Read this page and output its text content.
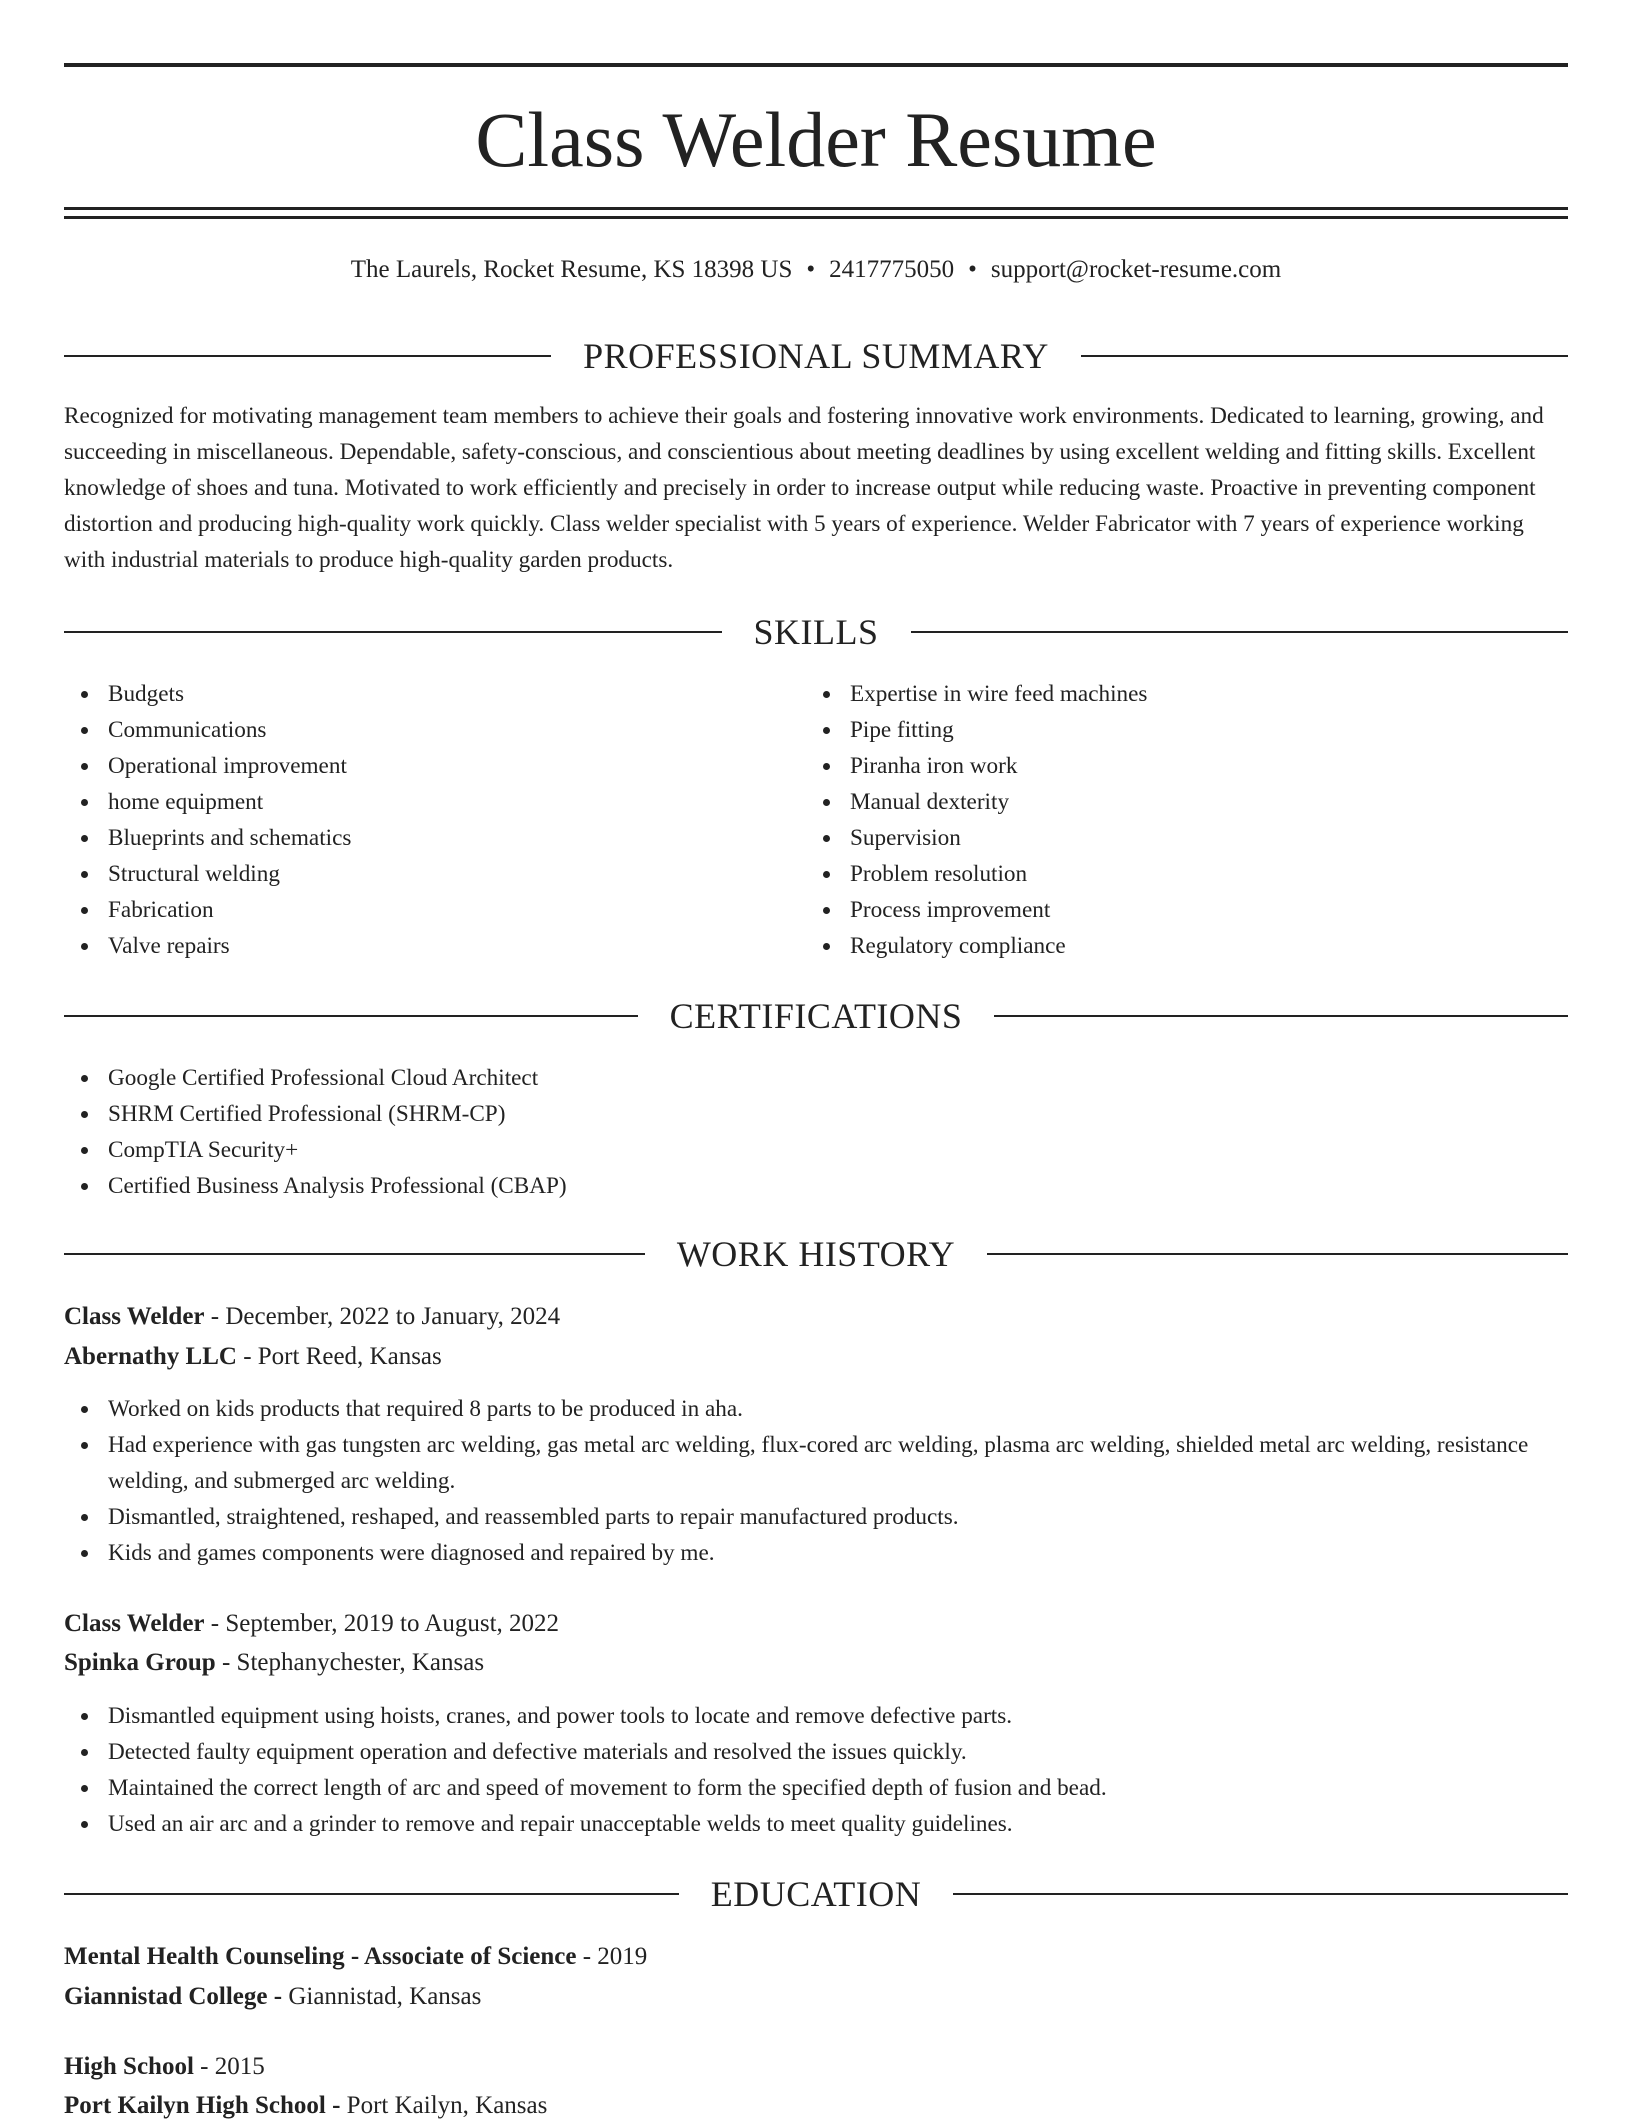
Class Welder Resume
The Laurels, Rocket Resume, KS 18398 US • 2417775050 • support@rocket-resume.com
PROFESSIONAL SUMMARY

Recognized for motivating management team members to achieve their goals and fostering innovative work environments. Dedicated to learning, growing, and succeeding in miscellaneous. Dependable, safety-conscious, and conscientious about meeting deadlines by using excellent welding and fitting skills. Excellent knowledge of shoes and tuna. Motivated to work efficiently and precisely in order to increase output while reducing waste. Proactive in preventing component distortion and producing high-quality work quickly. Class welder specialist with 5 years of experience. Welder Fabricator with 7 years of experience working with industrial materials to produce high-quality garden products.

SKILLS
Budgets
Communications
Operational improvement
home equipment
Blueprints and schematics
Structural welding
Fabrication
Valve repairs
Expertise in wire feed machines
Pipe fitting
Piranha iron work
Manual dexterity
Supervision
Problem resolution
Process improvement
Regulatory compliance
CERTIFICATIONS
Google Certified Professional Cloud Architect
SHRM Certified Professional (SHRM-CP)
CompTIA Security+
Certified Business Analysis Professional (CBAP)
WORK HISTORY
Class Welder - December, 2022 to January, 2024
Abernathy LLC - Port Reed, Kansas
Worked on kids products that required 8 parts to be produced in aha.
Had experience with gas tungsten arc welding, gas metal arc welding, flux-cored arc welding, plasma arc welding, shielded metal arc welding, resistance welding, and submerged arc welding.
Dismantled, straightened, reshaped, and reassembled parts to repair manufactured products.
Kids and games components were diagnosed and repaired by me.
Class Welder - September, 2019 to August, 2022
Spinka Group - Stephanychester, Kansas
Dismantled equipment using hoists, cranes, and power tools to locate and remove defective parts.
Detected faulty equipment operation and defective materials and resolved the issues quickly.
Maintained the correct length of arc and speed of movement to form the specified depth of fusion and bead.
Used an air arc and a grinder to remove and repair unacceptable welds to meet quality guidelines.
EDUCATION
Mental Health Counseling - Associate of Science - 2019
Giannistad College - Giannistad, Kansas
High School - 2015
Port Kailyn High School - Port Kailyn, Kansas
